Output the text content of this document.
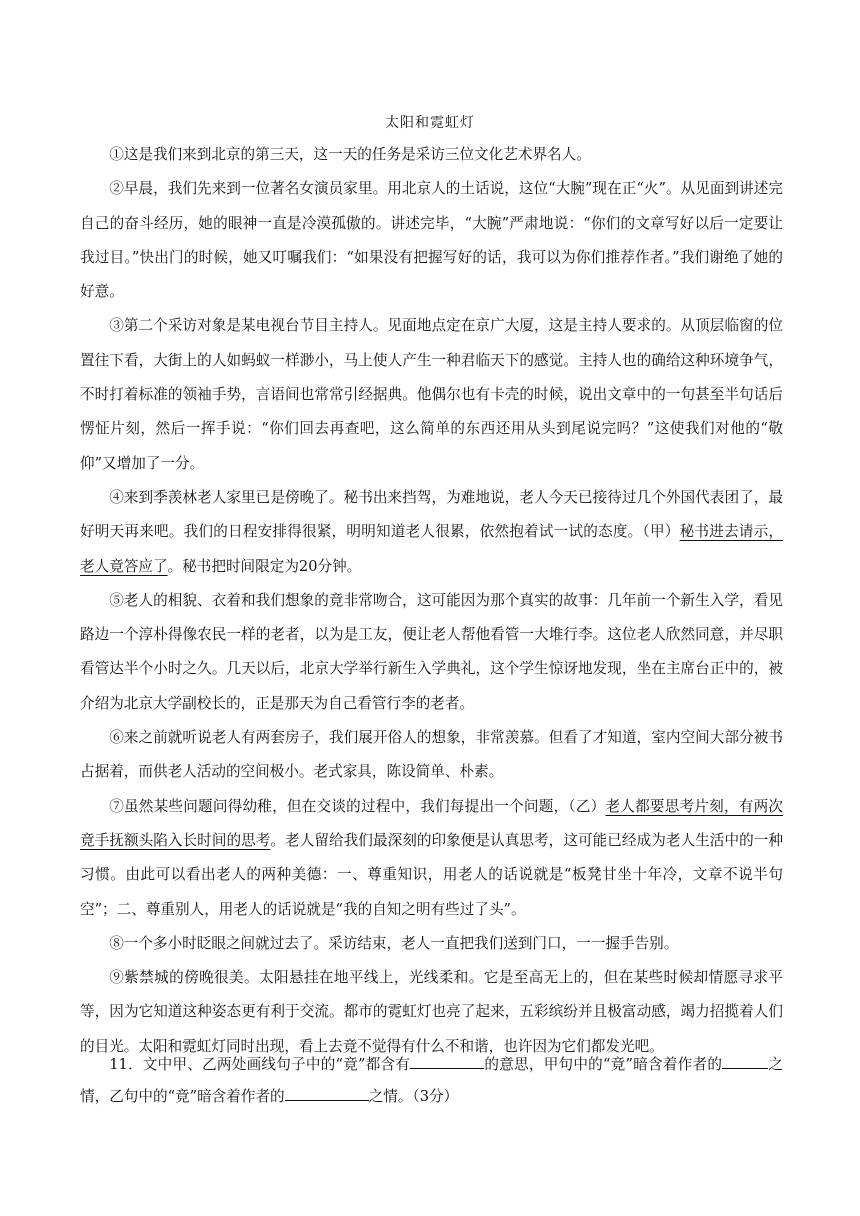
太阳和霓虹灯

①这是我们来到北京的第三天，这一天的任务是采访三位文化艺术界名人。

②早晨，我们先来到一位著名女演员家里。用北京人的土话说，这位“大腕”现在正“火”。从见面到讲述完自己的奋斗经历，她的眼神一直是冷漠孤傲的。讲述完毕，“大腕”严肃地说：“你们的文章写好以后一定要让我过目。”快出门的时候，她又叮嘱我们：“如果没有把握写好的话，我可以为你们推荐作者。”我们谢绝了她的好意。

③第二个采访对象是某电视台节目主持人。见面地点定在京广大厦，这是主持人要求的。从顶层临窗的位置往下看，大街上的人如蚂蚁一样渺小，马上使人产生一种君临天下的感觉。主持人也的确给这种环境争气，不时打着标准的领袖手势，言语间也常常引经据典。他偶尔也有卡壳的时候，说出文章中的一句甚至半句话后愣怔片刻，然后一挥手说：“你们回去再查吧，这么简单的东西还用从头到尾说完吗？”这使我们对他的“敬仰”又增加了一分。

④来到季羡林老人家里已是傍晚了。秘书出来挡驾，为难地说，老人今天已接待过几个外国代表团了，最好明天再来吧。我们的日程安排得很紧，明明知道老人很累，依然抱着试一试的态度。（甲）秘书进去请示，老人竟答应了。秘书把时间限定为20分钟。

⑤老人的相貌、衣着和我们想象的竟非常吻合，这可能因为那个真实的故事：几年前一个新生入学，看见路边一个淳朴得像农民一样的老者，以为是工友，便让老人帮他看管一大堆行李。这位老人欣然同意，并尽职看管达半个小时之久。几天以后，北京大学举行新生入学典礼，这个学生惊讶地发现，坐在主席台正中的，被介绍为北京大学副校长的，正是那天为自己看管行李的老者。

⑥来之前就听说老人有两套房子，我们展开俗人的想象，非常羡慕。但看了才知道，室内空间大部分被书占据着，而供老人活动的空间极小。老式家具，陈设简单、朴素。

⑦虽然某些问题问得幼稚，但在交谈的过程中，我们每提出一个问题，（乙）老人都要思考片刻，有两次竟手抚额头陷入长时间的思考。老人留给我们最深刻的印象便是认真思考，这可能已经成为老人生活中的一种习惯。由此可以看出老人的两种美德：一、尊重知识，用老人的话说就是“板凳甘坐十年冷，文章不说半句空”；二、尊重别人，用老人的话说就是“我的自知之明有些过了头”。

⑧一个多小时眨眼之间就过去了。采访结束，老人一直把我们送到门口，一一握手告别。

⑨紫禁城的傍晚很美。太阳悬挂在地平线上，光线柔和。它是至高无上的，但在某些时候却情愿寻求平等，因为它知道这种姿态更有利于交流。都市的霓虹灯也亮了起来，五彩缤纷并且极富动感，竭力招揽着人们的目光。太阳和霓虹灯同时出现，看上去竟不觉得有什么不和谐，也许因为它们都发光吧。

11．文中甲、乙两处画线句子中的“竟”都含有	的意思，甲句中的“竟”暗含着作者的	之情，乙句中的“竟”暗含着作者的	之情。（3分）
